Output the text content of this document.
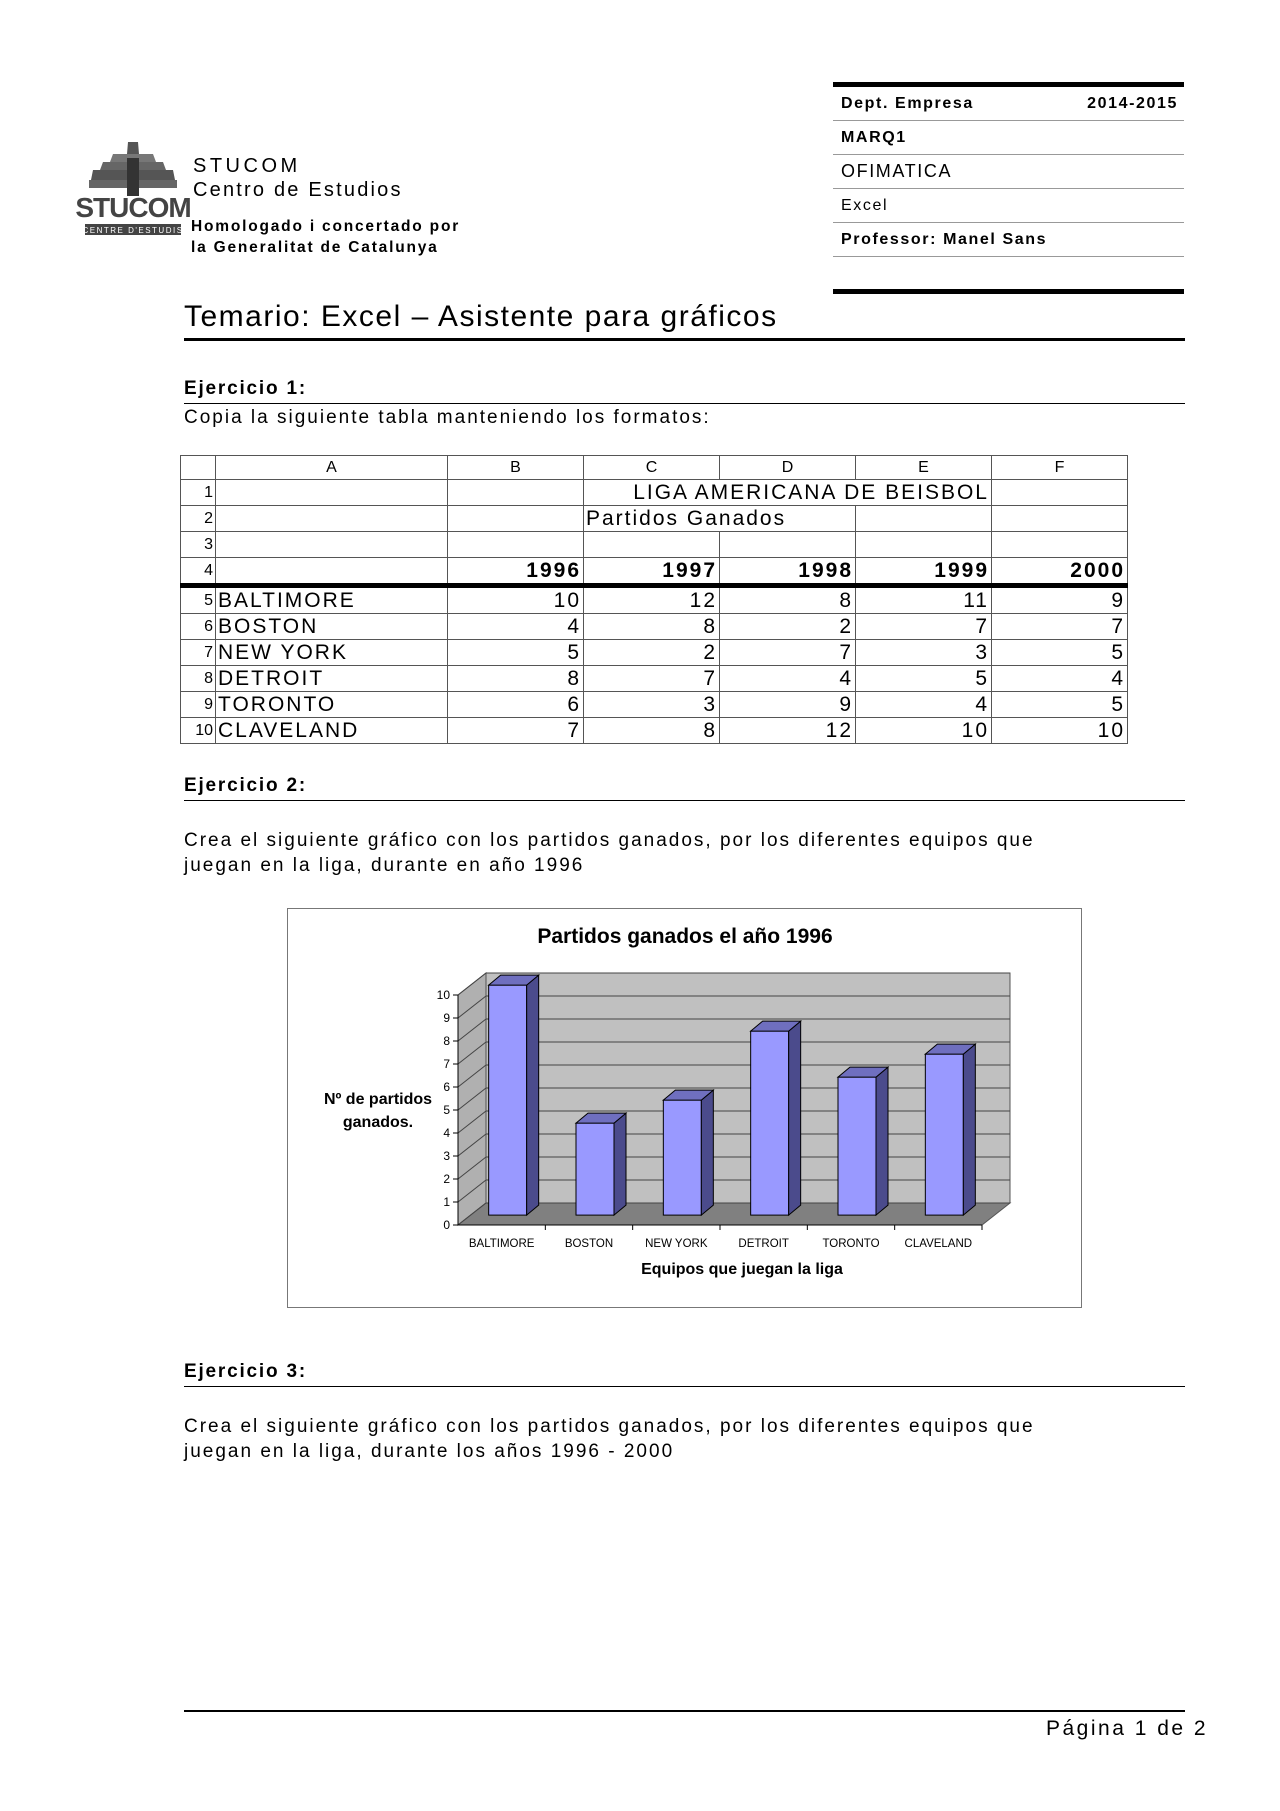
STUCOM
CENTRE D'ESTUDIS
STUCOM
Centro de Estudios
Homologado i concertado por
la Generalitat de Catalunya
Dept. Empresa	2014-2015
MARQ1
OFIMATICA
Excel
Professor: Manel Sans
Temario: Excel – Asistente para gráficos
Ejercicio 1:
Copia la siguiente tabla manteniendo los formatos:
	A	B	C	D	E	F
1			LIGA AMERICANA DE BEISBOL			
2			Partidos Ganados			
3						
4		1996	1997	1998	1999	2000
5	BALTIMORE	10	12	8	11	9
6	BOSTON	4	8	2	7	7
7	NEW YORK	5	2	7	3	5
8	DETROIT	8	7	4	5	4
9	TORONTO	6	3	9	4	5
10	CLAVELAND	7	8	12	10	10
Ejercicio 2:
Crea el siguiente gráfico con los partidos ganados, por los diferentes equipos que
juegan en la liga, durante en año 1996
Partidos ganados el año 1996
0
1
2
3
4
5
6
7
8
9
10
BALTIMORE	BOSTON	NEW YORK	DETROIT	TORONTO CLAVELAND
Nº de partidos
ganados.
Equipos que juegan la liga
Ejercicio 3:
Crea el siguiente gráfico con los partidos ganados, por los diferentes equipos que
juegan en la liga, durante los años 1996 - 2000
Página 1 de 2
